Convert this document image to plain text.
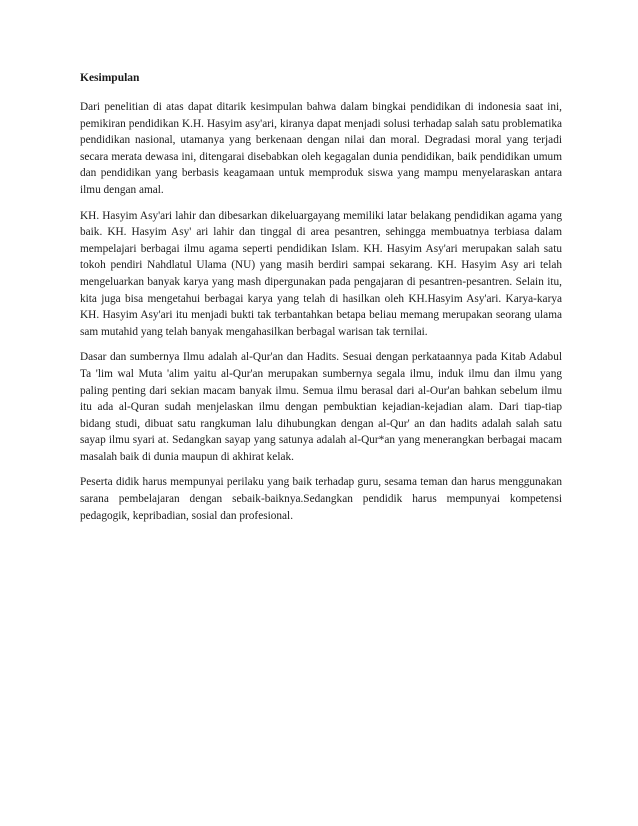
Kesimpulan

Dari penelitian di atas dapat ditarik kesimpulan bahwa dalam bingkai pendidikan di indonesia saat ini, pemikiran pendidikan K.H. Hasyim asy'ari, kiranya dapat menjadi solusi terhadap salah satu problematika pendidikan nasional, utamanya yang berkenaan dengan nilai dan moral. Degradasi moral yang terjadi secara merata dewasa ini, ditengarai disebabkan oleh kegagalan dunia pendidikan, baik pendidikan umum dan pendidikan yang berbasis keagamaan untuk memproduk siswa yang mampu menyelaraskan antara ilmu dengan amal.

KH. Hasyim Asy'ari lahir dan dibesarkan dikeluargayang memiliki latar belakang pendidikan agama yang baik. KH. Hasyim Asy' ari lahir dan tinggal di area pesantren, sehingga membuatnya terbiasa dalam mempelajari berbagai ilmu agama seperti pendidikan Islam. KH. Hasyim Asy'ari merupakan salah satu tokoh pendiri Nahdlatul Ulama (NU) yang masih berdiri sampai sekarang. KH. Hasyim Asy ari telah mengeluarkan banyak karya yang mash dipergunakan pada pengajaran di pesantren-pesantren. Selain itu, kita juga bisa mengetahui berbagai karya yang telah di hasilkan oleh KH.Hasyim Asy'ari. Karya-karya KH. Hasyim Asy'ari itu menjadi bukti tak terbantahkan betapa beliau memang merupakan seorang ulama sam mutahid yang telah banyak mengahasilkan berbagal warisan tak ternilai.

Dasar dan sumbernya Ilmu adalah al-Qur'an dan Hadits. Sesuai dengan perkataannya pada Kitab Adabul Ta 'lim wal Muta 'alim yaitu al-Qur'an merupakan sumbernya segala ilmu, induk ilmu dan ilmu yang paling penting dari sekian macam banyak ilmu. Semua ilmu berasal dari al-Our'an bahkan sebelum ilmu itu ada al-Quran sudah menjelaskan ilmu dengan pembuktian kejadian-kejadian alam. Dari tiap-tiap bidang studi, dibuat satu rangkuman lalu dihubungkan dengan al-Qur' an dan hadits adalah salah satu sayap ilmu syari at. Sedangkan sayap yang satunya adalah al-Qur*an yang menerangkan berbagai macam masalah baik di dunia maupun di akhirat kelak.

Peserta didik harus mempunyai perilaku yang baik terhadap guru, sesama teman dan harus menggunakan sarana pembelajaran dengan sebaik-baiknya.Sedangkan pendidik harus mempunyai kompetensi pedagogik, kepribadian, sosial dan profesional.
